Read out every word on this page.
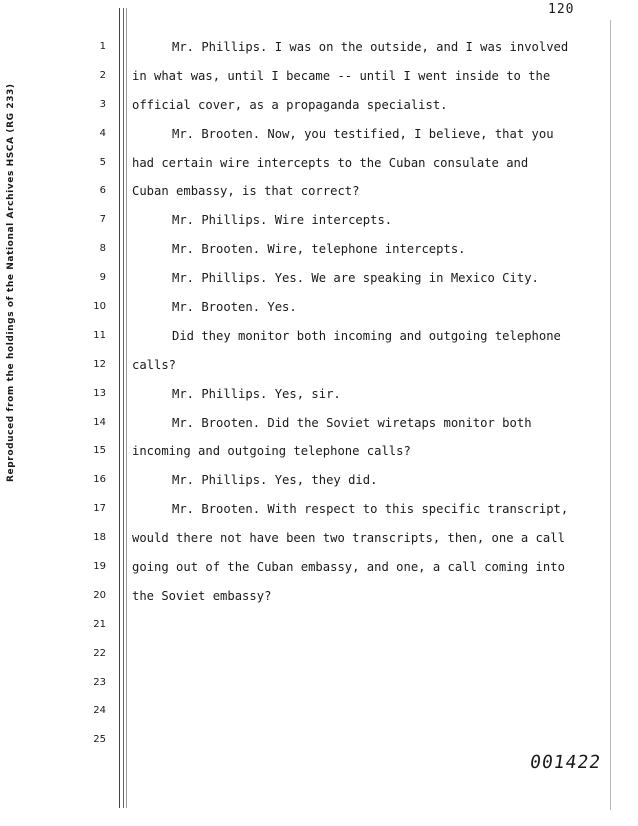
120
Reproduced from the holdings of the National Archives HSCA (RG 233)
1
2
3
4
5
6
7
8
9
10
11
12
13
14
15
16
17
18
19
20
21
22
23
24
25
Mr. Phillips. I was on the outside, and I was involved
in what was, until I became -- until I went inside to the
official cover, as a propaganda specialist.
Mr. Brooten. Now, you testified, I believe, that you
had certain wire intercepts to the Cuban consulate and
Cuban embassy, is that correct?
Mr. Phillips. Wire intercepts.
Mr. Brooten. Wire, telephone intercepts.
Mr. Phillips. Yes. We are speaking in Mexico City.
Mr. Brooten. Yes.
Did they monitor both incoming and outgoing telephone
calls?
Mr. Phillips. Yes, sir.
Mr. Brooten. Did the Soviet wiretaps monitor both
incoming and outgoing telephone calls?
Mr. Phillips. Yes, they did.
Mr. Brooten. With respect to this specific transcript,
would there not have been two transcripts, then, one a call
going out of the Cuban embassy, and one, a call coming into
the Soviet embassy?
001422
